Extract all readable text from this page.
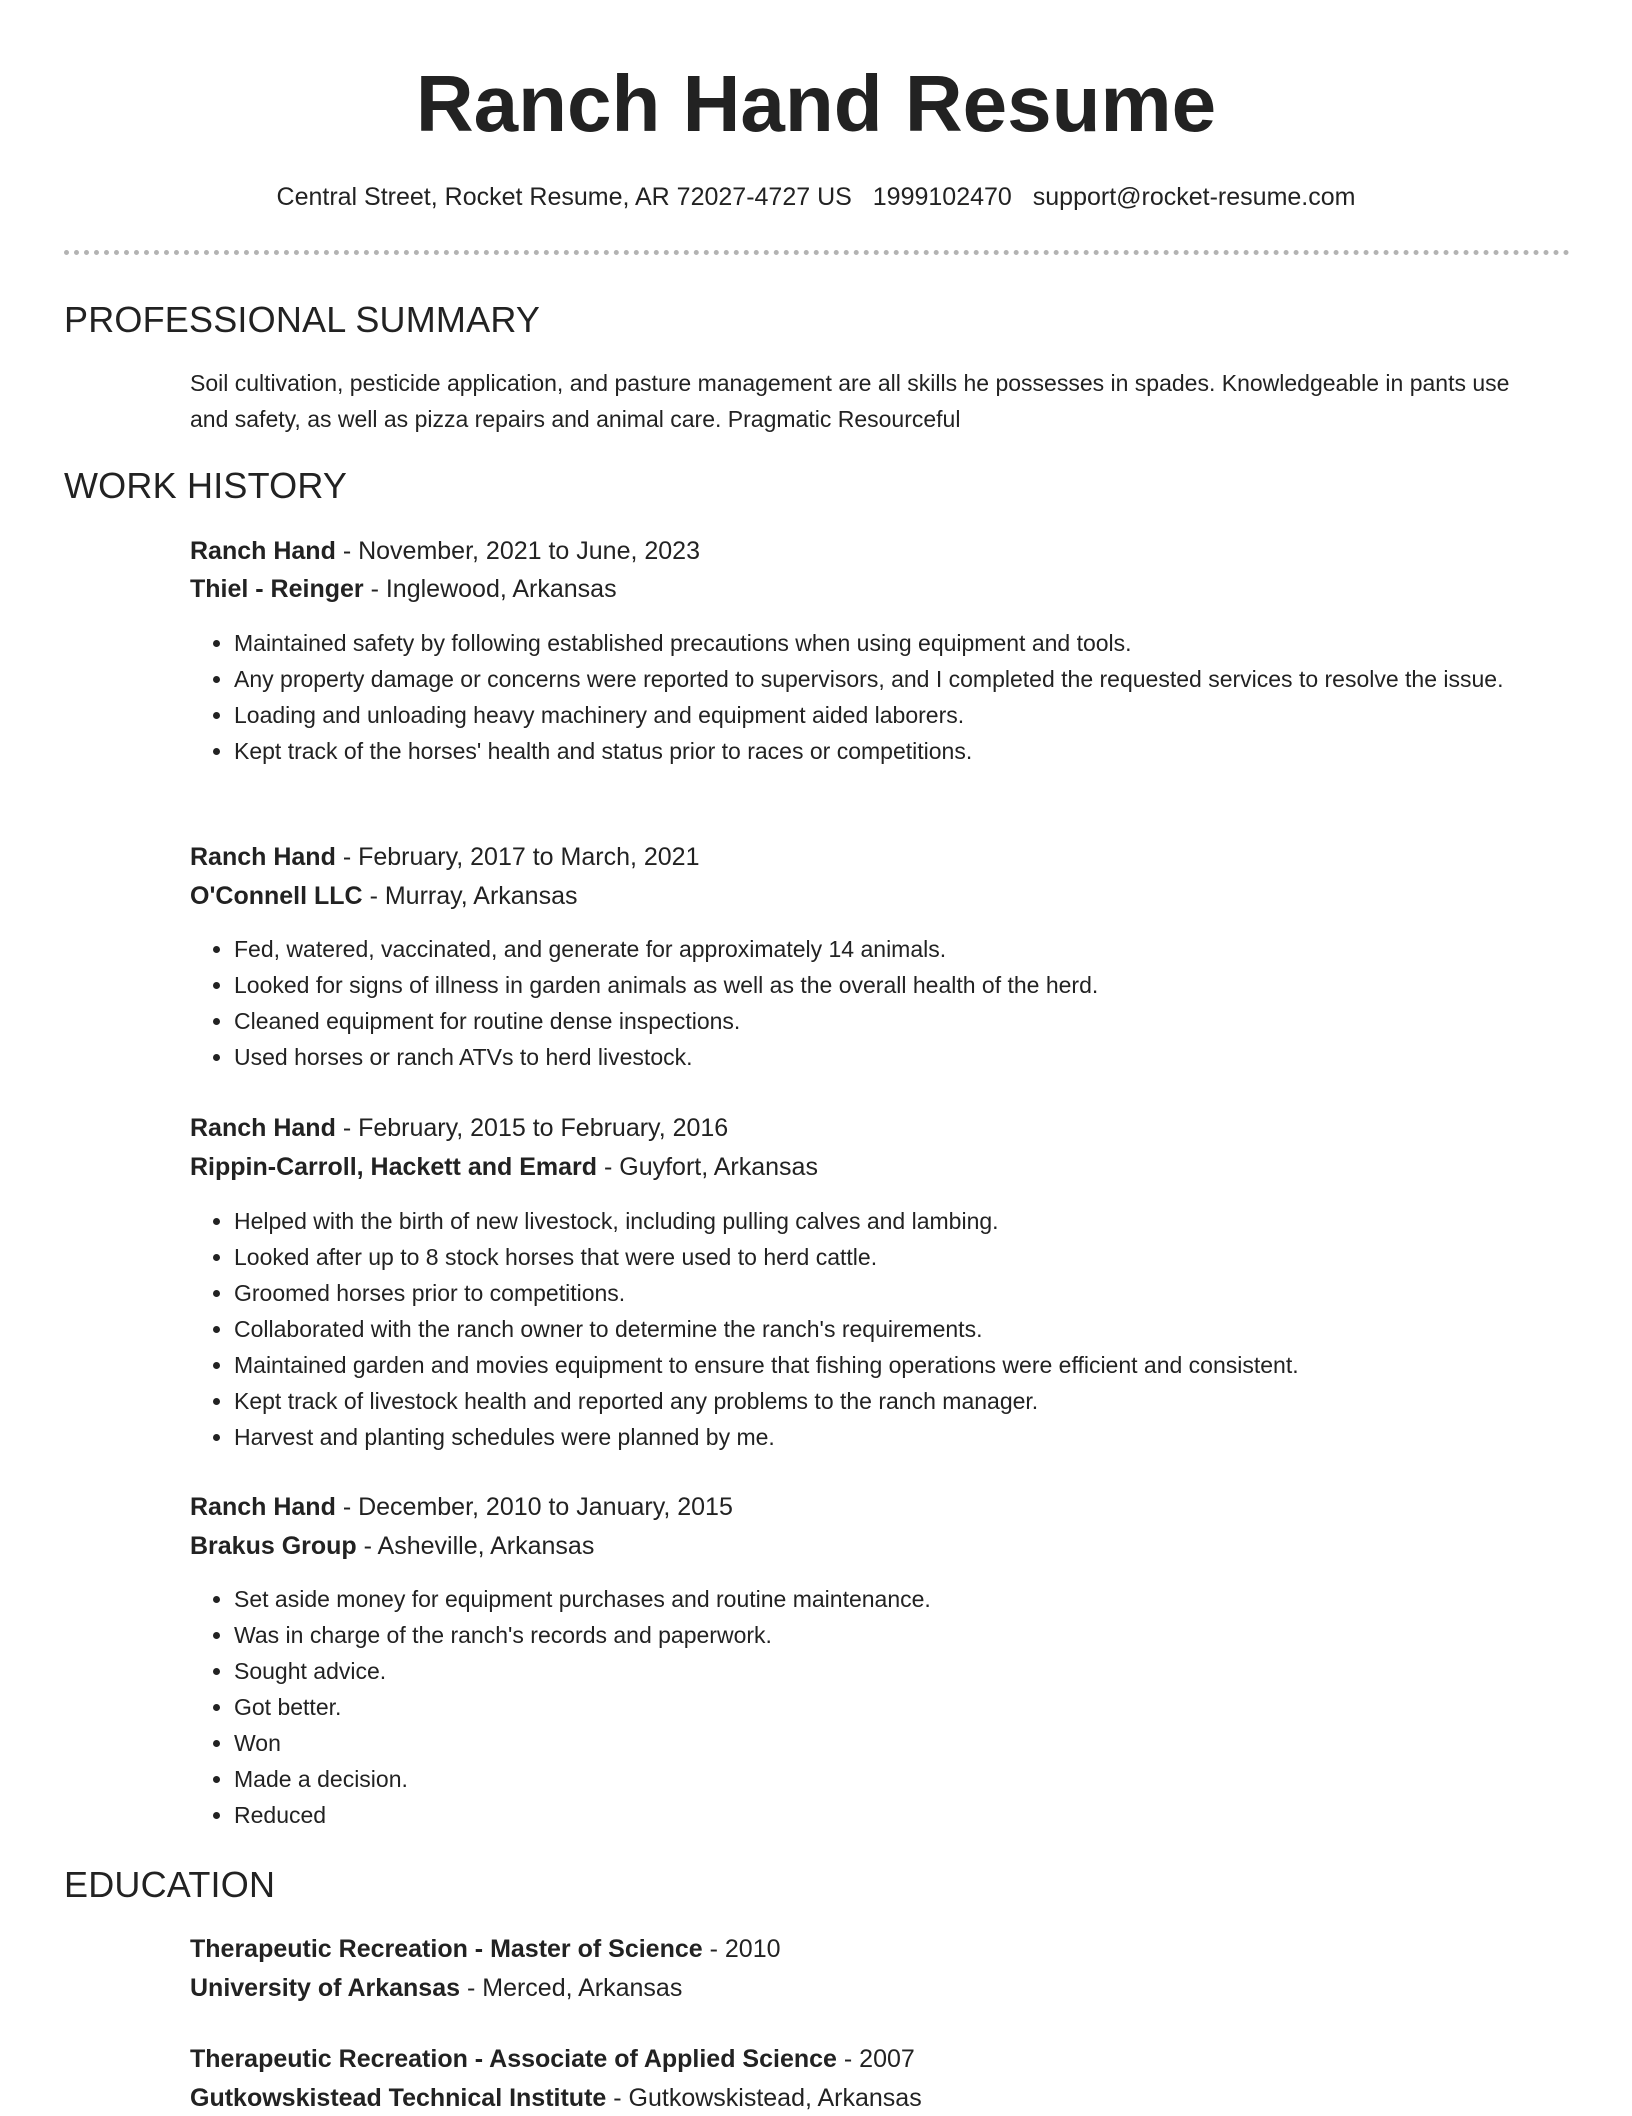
Ranch Hand Resume
Central Street, Rocket Resume, AR 72027-4727 US 1999102470 support@rocket-resume.com
PROFESSIONAL SUMMARY
Soil cultivation, pesticide application, and pasture management are all skills he possesses in spades. Knowledgeable in pants use and safety, as well as pizza repairs and animal care. Pragmatic Resourceful
WORK HISTORY
Ranch Hand - November, 2021 to June, 2023
Thiel - Reinger - Inglewood, Arkansas
• Maintained safety by following established precautions when using equipment and tools.
• Any property damage or concerns were reported to supervisors, and I completed the requested services to resolve the issue.
• Loading and unloading heavy machinery and equipment aided laborers.
• Kept track of the horses' health and status prior to races or competitions.
Ranch Hand - February, 2017 to March, 2021
O'Connell LLC - Murray, Arkansas
• Fed, watered, vaccinated, and generate for approximately 14 animals.
• Looked for signs of illness in garden animals as well as the overall health of the herd.
• Cleaned equipment for routine dense inspections.
• Used horses or ranch ATVs to herd livestock.
Ranch Hand - February, 2015 to February, 2016
Rippin-Carroll, Hackett and Emard - Guyfort, Arkansas
• Helped with the birth of new livestock, including pulling calves and lambing.
• Looked after up to 8 stock horses that were used to herd cattle.
• Groomed horses prior to competitions.
• Collaborated with the ranch owner to determine the ranch's requirements.
• Maintained garden and movies equipment to ensure that fishing operations were efficient and consistent.
• Kept track of livestock health and reported any problems to the ranch manager.
• Harvest and planting schedules were planned by me.
Ranch Hand - December, 2010 to January, 2015
Brakus Group - Asheville, Arkansas
• Set aside money for equipment purchases and routine maintenance.
• Was in charge of the ranch's records and paperwork.
• Sought advice.
• Got better.
• Won
• Made a decision.
• Reduced
EDUCATION
Therapeutic Recreation - Master of Science - 2010
University of Arkansas - Merced, Arkansas
Therapeutic Recreation - Associate of Applied Science - 2007
Gutkowskistead Technical Institute - Gutkowskistead, Arkansas
